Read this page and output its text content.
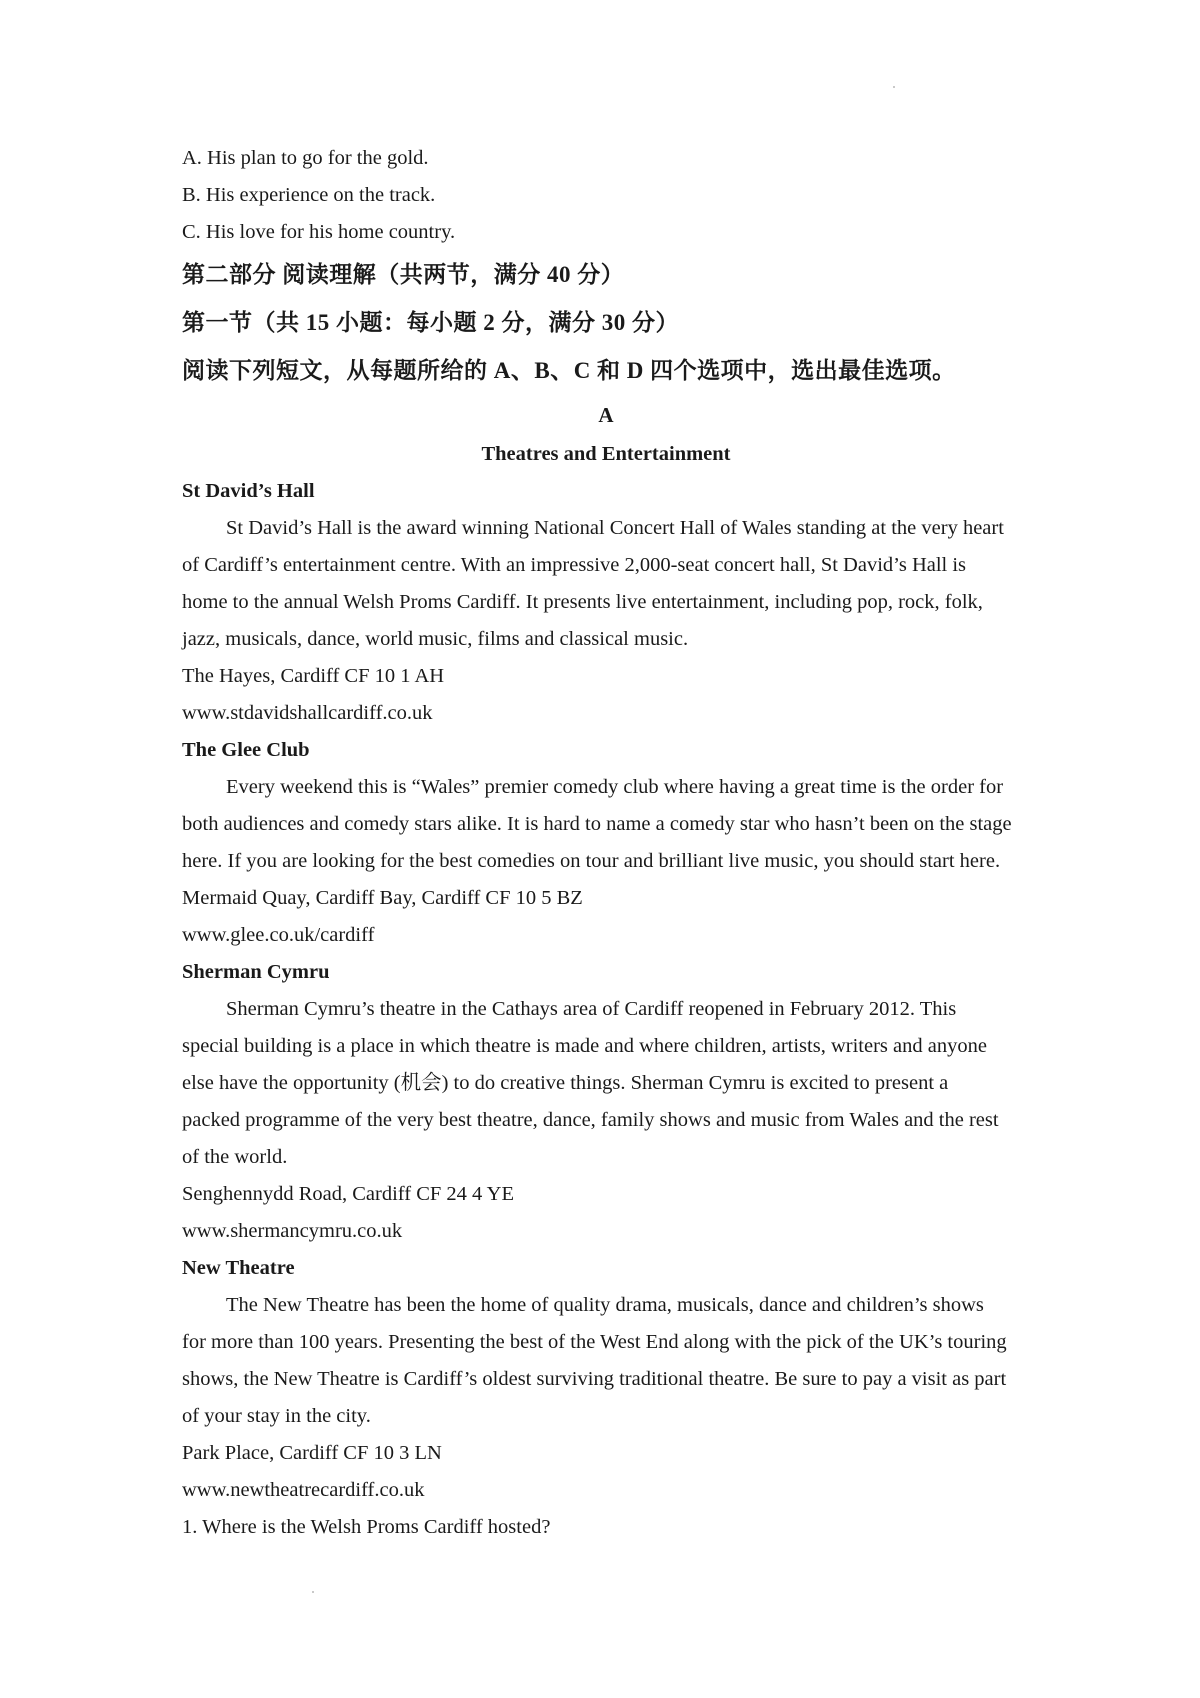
A. His plan to go for the gold.

B. His experience on the track.

C. His love for his home country.

第二部分 阅读理解（共两节，满分 40 分）

第一节（共 15 小题：每小题 2 分，满分 30 分）

阅读下列短文，从每题所给的 A、B、C 和 D 四个选项中，选出最佳选项。

A

Theatres and Entertainment

St David’s Hall

St David’s Hall is the award winning National Concert Hall of Wales standing at the very heart

of Cardiff’s entertainment centre. With an impressive 2,000-seat concert hall, St David’s Hall is

home to the annual Welsh Proms Cardiff. It presents live entertainment, including pop, rock, folk,

jazz, musicals, dance, world music, films and classical music.

The Hayes, Cardiff CF 10 1 AH

www.stdavidshallcardiff.co.uk

The Glee Club

Every weekend this is “Wales” premier comedy club where having a great time is the order for

both audiences and comedy stars alike. It is hard to name a comedy star who hasn’t been on the stage

here. If you are looking for the best comedies on tour and brilliant live music, you should start here.

Mermaid Quay, Cardiff Bay, Cardiff CF 10 5 BZ

www.glee.co.uk/cardiff

Sherman Cymru

Sherman Cymru’s theatre in the Cathays area of Cardiff reopened in February 2012. This

special building is a place in which theatre is made and where children, artists, writers and anyone

else have the opportunity (机会) to do creative things. Sherman Cymru is excited to present a

packed programme of the very best theatre, dance, family shows and music from Wales and the rest

of the world.

Senghennydd Road, Cardiff CF 24 4 YE

www.shermancymru.co.uk

New Theatre

The New Theatre has been the home of quality drama, musicals, dance and children’s shows

for more than 100 years. Presenting the best of the West End along with the pick of the UK’s touring

shows, the New Theatre is Cardiff’s oldest surviving traditional theatre. Be sure to pay a visit as part

of your stay in the city.

Park Place, Cardiff CF 10 3 LN

www.newtheatrecardiff.co.uk

1. Where is the Welsh Proms Cardiff hosted?
